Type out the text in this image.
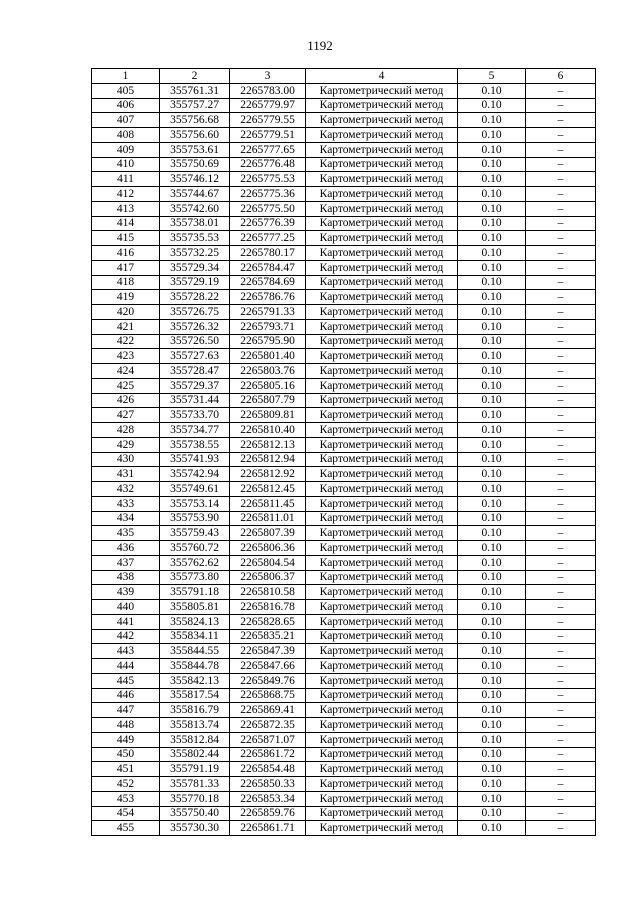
1192
1	2	3	4	5	6
405	355761.31	2265783.00	Картометрический метод	0.10	–
406	355757.27	2265779.97	Картометрический метод	0.10	–
407	355756.68	2265779.55	Картометрический метод	0.10	–
408	355756.60	2265779.51	Картометрический метод	0.10	–
409	355753.61	2265777.65	Картометрический метод	0.10	–
410	355750.69	2265776.48	Картометрический метод	0.10	–
411	355746.12	2265775.53	Картометрический метод	0.10	–
412	355744.67	2265775.36	Картометрический метод	0.10	–
413	355742.60	2265775.50	Картометрический метод	0.10	–
414	355738.01	2265776.39	Картометрический метод	0.10	–
415	355735.53	2265777.25	Картометрический метод	0.10	–
416	355732.25	2265780.17	Картометрический метод	0.10	–
417	355729.34	2265784.47	Картометрический метод	0.10	–
418	355729.19	2265784.69	Картометрический метод	0.10	–
419	355728.22	2265786.76	Картометрический метод	0.10	–
420	355726.75	2265791.33	Картометрический метод	0.10	–
421	355726.32	2265793.71	Картометрический метод	0.10	–
422	355726.50	2265795.90	Картометрический метод	0.10	–
423	355727.63	2265801.40	Картометрический метод	0.10	–
424	355728.47	2265803.76	Картометрический метод	0.10	–
425	355729.37	2265805.16	Картометрический метод	0.10	–
426	355731.44	2265807.79	Картометрический метод	0.10	–
427	355733.70	2265809.81	Картометрический метод	0.10	–
428	355734.77	2265810.40	Картометрический метод	0.10	–
429	355738.55	2265812.13	Картометрический метод	0.10	–
430	355741.93	2265812.94	Картометрический метод	0.10	–
431	355742.94	2265812.92	Картометрический метод	0.10	–
432	355749.61	2265812.45	Картометрический метод	0.10	–
433	355753.14	2265811.45	Картометрический метод	0.10	–
434	355753.90	2265811.01	Картометрический метод	0.10	–
435	355759.43	2265807.39	Картометрический метод	0.10	–
436	355760.72	2265806.36	Картометрический метод	0.10	–
437	355762.62	2265804.54	Картометрический метод	0.10	–
438	355773.80	2265806.37	Картометрический метод	0.10	–
439	355791.18	2265810.58	Картометрический метод	0.10	–
440	355805.81	2265816.78	Картометрический метод	0.10	–
441	355824.13	2265828.65	Картометрический метод	0.10	–
442	355834.11	2265835.21	Картометрический метод	0.10	–
443	355844.55	2265847.39	Картометрический метод	0.10	–
444	355844.78	2265847.66	Картометрический метод	0.10	–
445	355842.13	2265849.76	Картометрический метод	0.10	–
446	355817.54	2265868.75	Картометрический метод	0.10	–
447	355816.79	2265869.41	Картометрический метод	0.10	–
448	355813.74	2265872.35	Картометрический метод	0.10	–
449	355812.84	2265871.07	Картометрический метод	0.10	–
450	355802.44	2265861.72	Картометрический метод	0.10	–
451	355791.19	2265854.48	Картометрический метод	0.10	–
452	355781.33	2265850.33	Картометрический метод	0.10	–
453	355770.18	2265853.34	Картометрический метод	0.10	–
454	355750.40	2265859.76	Картометрический метод	0.10	–
455	355730.30	2265861.71	Картометрический метод	0.10	–
